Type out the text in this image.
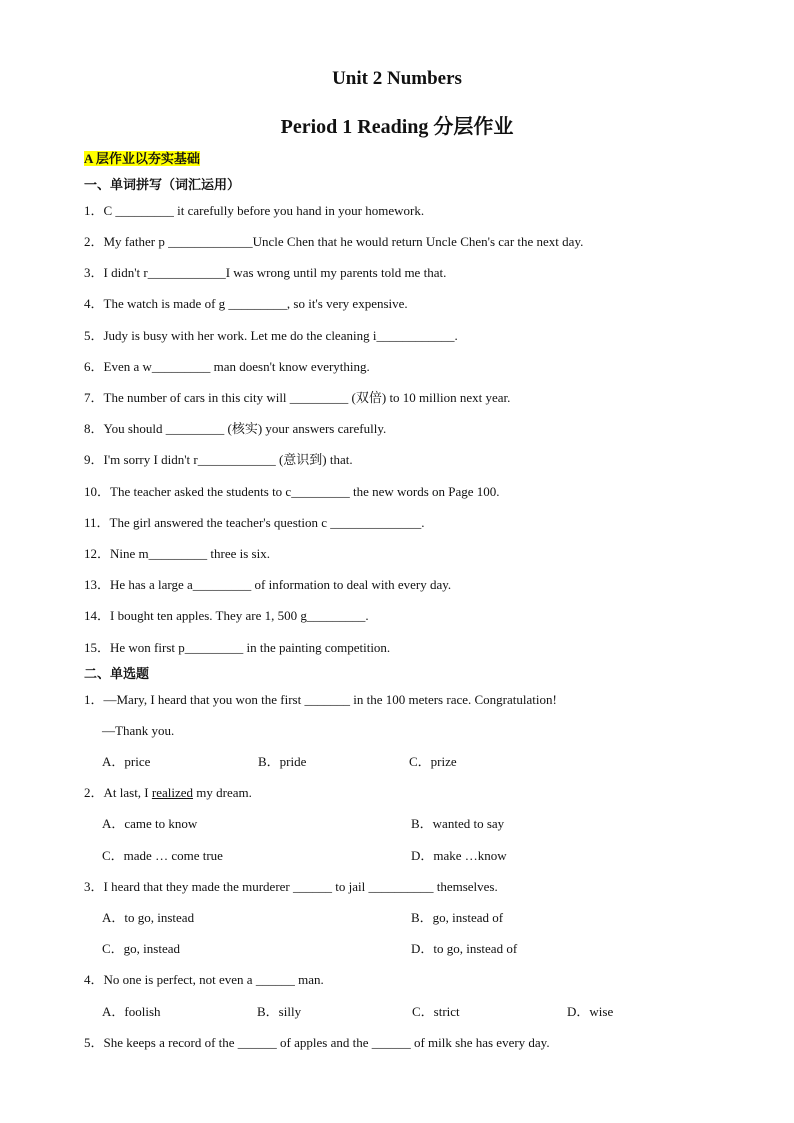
Unit 2 Numbers
Period 1 Reading 分层作业
A 层作业以夯实基础
一、单词拼写（词汇运用）
1．C _________ it carefully before you hand in your homework.
2．My father p _____________Uncle Chen that he would return Uncle Chen's car the next day.
3．I didn't r____________I was wrong until my parents told me that.
4．The watch is made of g _________, so it's very expensive.
5．Judy is busy with her work. Let me do the cleaning i____________.
6．Even a w_________ man doesn't know everything.
7．The number of cars in this city will _________ (双倍) to 10 million next year.
8．You should _________ (核实) your answers carefully.
9．I'm sorry I didn't r____________ (意识到) that.
10．The teacher asked the students to c_________ the new words on Page 100.
11．The girl answered the teacher's question c ______________.
12．Nine m_________ three is six.
13．He has a large a_________ of information to deal with every day.
14．I bought ten apples. They are 1, 500 g_________.
15．He won first p_________ in the painting competition.
二、单选题
1．—Mary, I heard that you won the first _______ in the 100 meters race. Congratulation!
—Thank you.
A．price	B．pride	C．prize
2．At last, I realized my dream.
A．came to know	B．wanted to say
C．made … come true	D．make …know
3．I heard that they made the murderer ______ to jail __________ themselves.
A．to go, instead	B．go, instead of
C．go, instead	D．to go, instead of
4．No one is perfect, not even a ______ man.
A．foolish	B．silly	C．strict	D．wise
5．She keeps a record of the ______ of apples and the ______ of milk she has every day.
